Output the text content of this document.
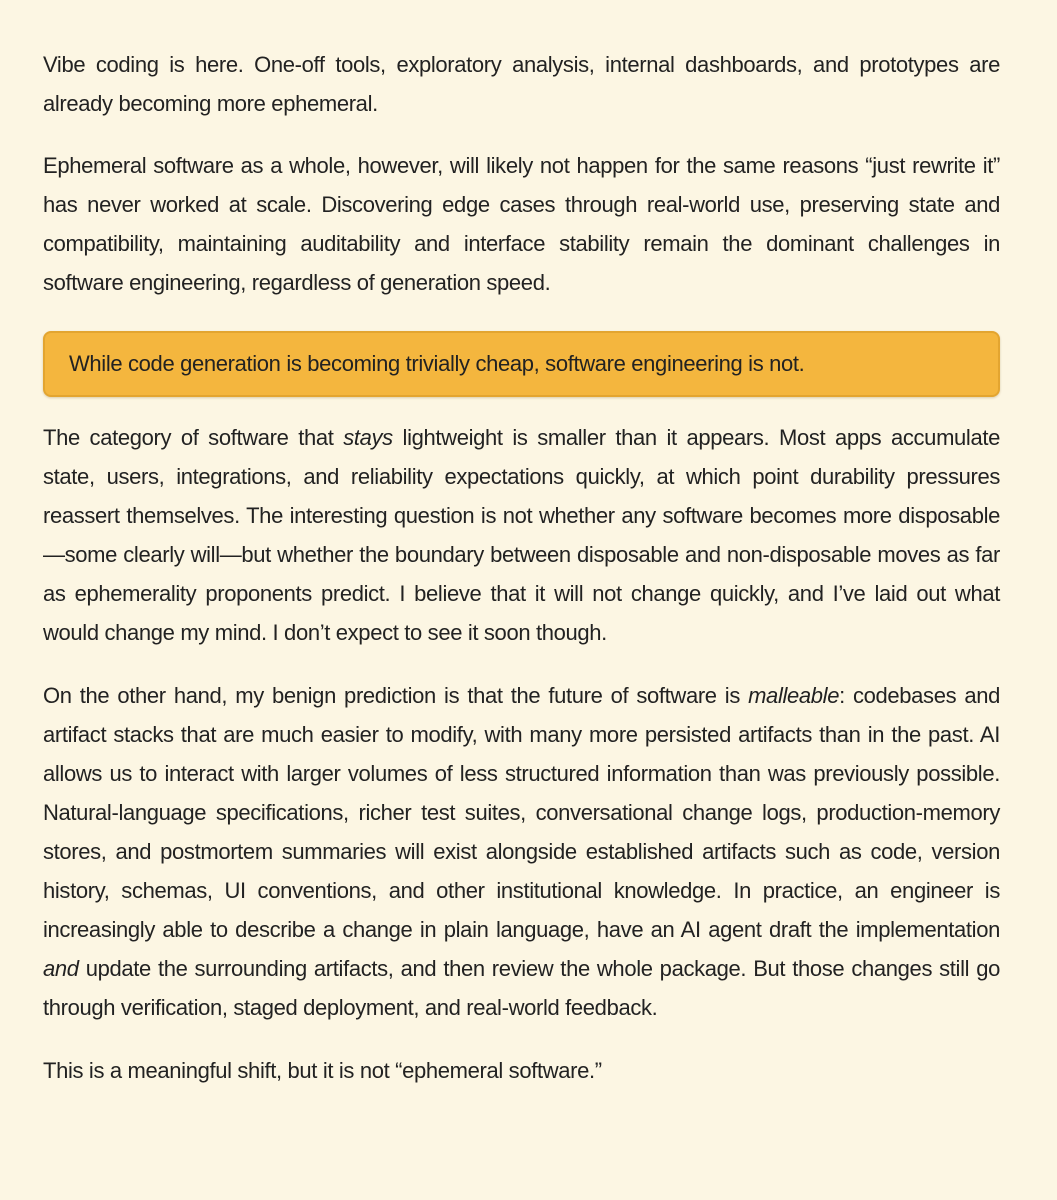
Vibe coding is here. One-off tools, exploratory analysis, internal dashboards, and prototypes are already becoming more ephemeral.

Ephemeral software as a whole, however, will likely not happen for the same reasons “just rewrite it” has never worked at scale. Discovering edge cases through real-world use, preserving state and compatibility, maintaining auditability and interface stability remain the dominant challenges in software engineering, regardless of generation speed.

While code generation is becoming trivially cheap, software engineering is not.

The category of software that stays lightweight is smaller than it appears. Most apps accumulate state, users, integrations, and reliability expectations quickly, at which point durability pressures reassert themselves. The interesting question is not whether any software becomes more disposable—some clearly will—but whether the boundary between disposable and non-disposable moves as far as ephemerality proponents predict. I believe that it will not change quickly, and I’ve laid out what would change my mind. I don’t expect to see it soon though.

On the other hand, my benign prediction is that the future of software is malleable: codebases and artifact stacks that are much easier to modify, with many more persisted artifacts than in the past. AI allows us to interact with larger volumes of less structured information than was previously possible. Natural-language specifications, richer test suites, conversational change logs, production-memory stores, and postmortem summaries will exist alongside established artifacts such as code, version history, schemas, UI conventions, and other institutional knowledge. In practice, an engineer is increasingly able to describe a change in plain language, have an AI agent draft the implementation and update the surrounding artifacts, and then review the whole package. But those changes still go through verification, staged deployment, and real-world feedback.

This is a meaningful shift, but it is not “ephemeral software.”
